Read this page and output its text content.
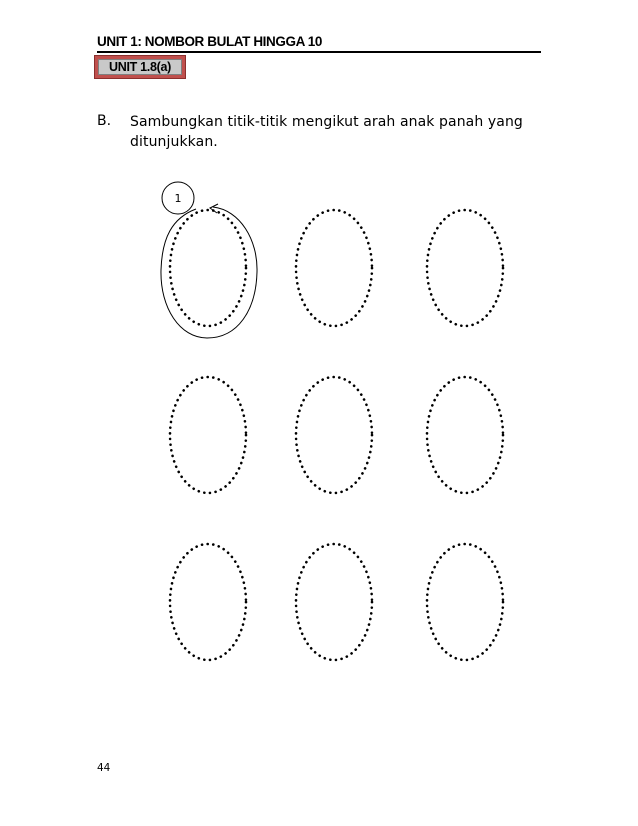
UNIT 1: NOMBOR BULAT HINGGA 10
UNIT 1.8(a)
B. Sambungkan titik-titik mengikut arah anak panah yang ditunjukkan.
1
44
